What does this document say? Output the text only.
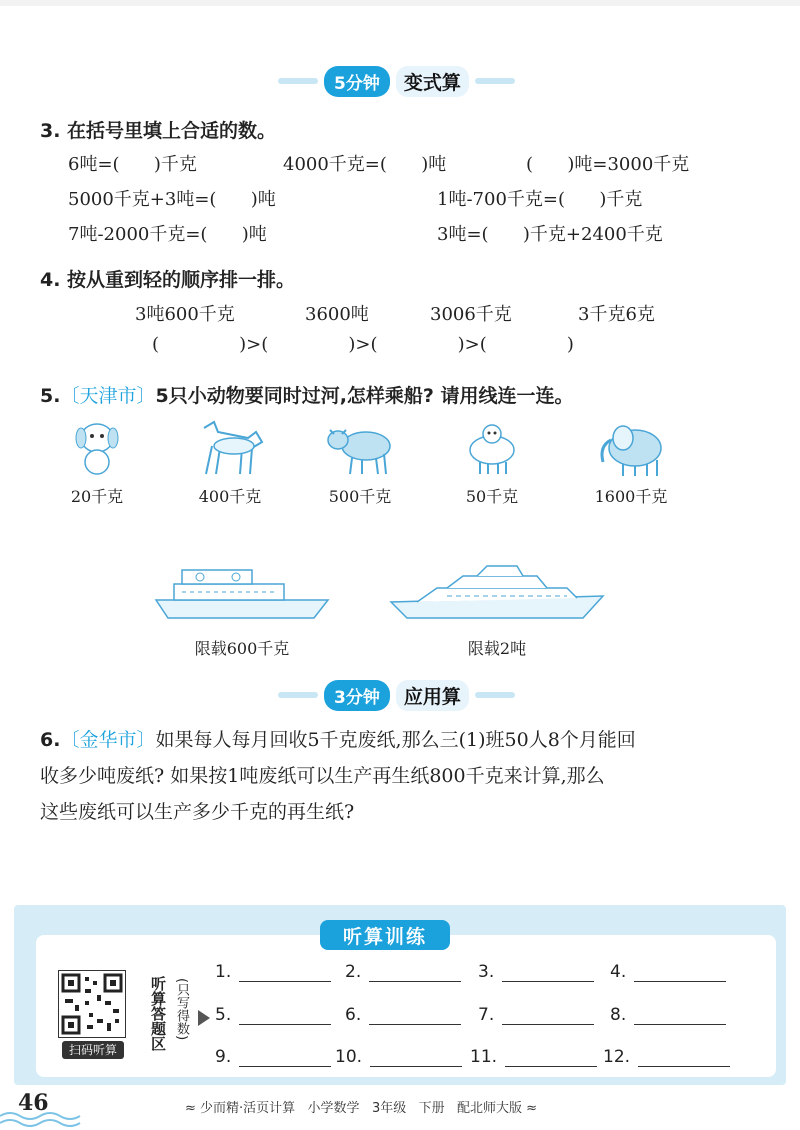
5分钟	变式算
3. 在括号里填上合适的数。
6吨=(      )千克	4000千克=(      )吨	(      )吨=3000千克
5000千克+3吨=(      )吨	1吨-700千克=(      )千克
7吨-2000千克=(      )吨	3吨=(      )千克+2400千克
4. 按从重到轻的顺序排一排。
3吨600千克	3600吨	3006千克	3千克6克
(              )>(              )>(              )>(              )
5.〔天津市〕5只小动物要同时过河,怎样乘船? 请用线连一连。
20千克	400千克	500千克	50千克	1600千克
限载600千克	限载2吨
3分钟	应用算
6.〔金华市〕如果每人每月回收5千克废纸,那么三(1)班50人8个月能回
收多少吨废纸? 如果按1吨废纸可以生产再生纸800千克来计算,那么
这些废纸可以生产多少千克的再生纸?
听算训练
扫码听算	听算答题区 (只写得数)
1.	2.	3.	4.
5.	6.	7.	8.
9.	10.	11.	12.
46	≈ 少而精·活页计算   小学数学   3年级   下册   配北师大版 ≈
